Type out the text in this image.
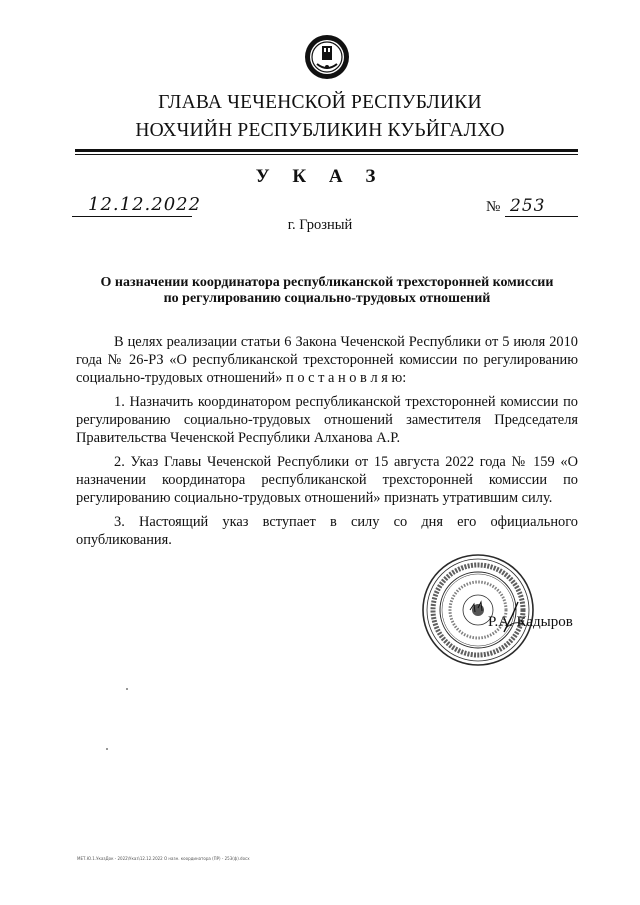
ГЛАВА ЧЕЧЕНСКОЙ РЕСПУБЛИКИ
НОХЧИЙН РЕСПУБЛИКИН КУЬЙГАЛХО
У К А З
12.12.2022	№ 253
г. Грозный
О назначении координатора республиканской трехсторонней комиссии
по регулированию социально-трудовых отношений
В целях реализации статьи 6 Закона Чеченской Республики от 5 июля 2010 года № 26-РЗ «О республиканской трехсторонней комиссии по регулированию социально-трудовых отношений» п о с т а н о в л я ю:
1. Назначить координатором республиканской трехсторонней комиссии по регулированию социально-трудовых отношений заместителя Председателя Правительства Чеченской Республики Алханова А.Р.
2. Указ Главы Чеченской Республики от 15 августа 2022 года № 159 «О назначении координатора республиканской трехсторонней комиссии по регулированию социально-трудовых отношений» признать утратившим силу.
3. Настоящий указ вступает в силу со дня его официального опубликования.
Р.А. Кадыров
МЕТ.Ю.1.УказДок - 2022\Указ\12.12.2022 О назн. координатора (ПР) - 253(ф).docx
